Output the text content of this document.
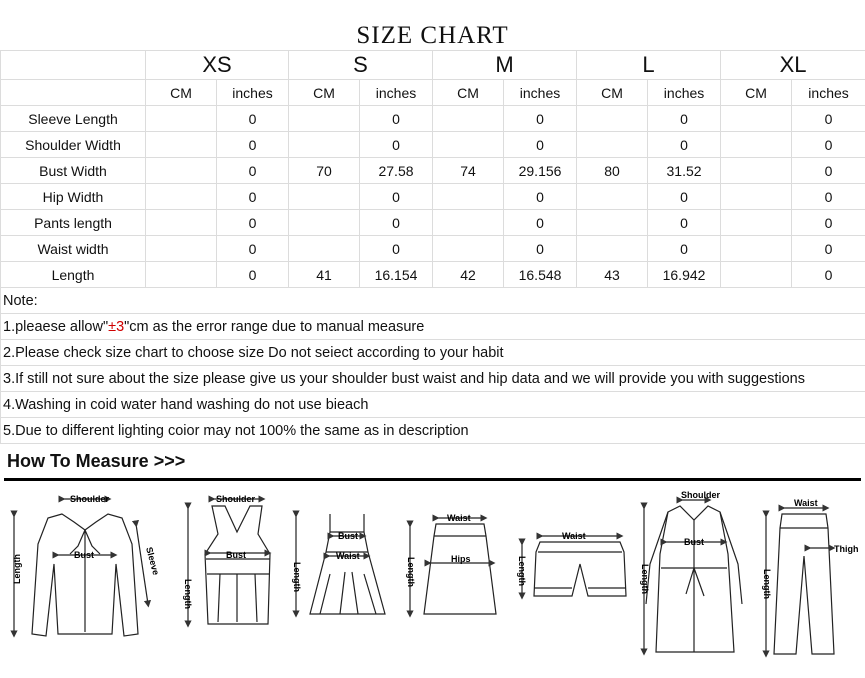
SIZE CHART
	XS		S		M		L		XL	
	CM	inches	CM	inches	CM	inches	CM	inches	CM	inches
Sleeve Length		0		0		0		0		0
Shoulder Width		0		0		0		0		0
Bust Width		0	70	27.58	74	29.156	80	31.52		0
Hip Width		0		0		0		0		0
Pants length		0		0		0		0		0
Waist width		0		0		0		0		0
Length		0	41	16.154	42	16.548	43	16.942		0
Note:										
1.pleaese allow"±3"cm as the error range due to manual measure										
2.Please check size chart to choose size Do not seiect according to your habit										
3.If still not sure about the size please give us your shoulder bust waist and hip data and we will provide you with suggestions										
4.Washing in coid water hand washing do not use bieach										
5.Due to different lighting coior may not 100% the same as in description										
How To Measure >>>
Shoulder
Bust
Length	Sleeve
Shoulder
Bust
Length
Bust
Waist
Length
Waist
Hips
Length
Waist
Length
Shoulder
Bust
Length
Waist
Thigh
Length
